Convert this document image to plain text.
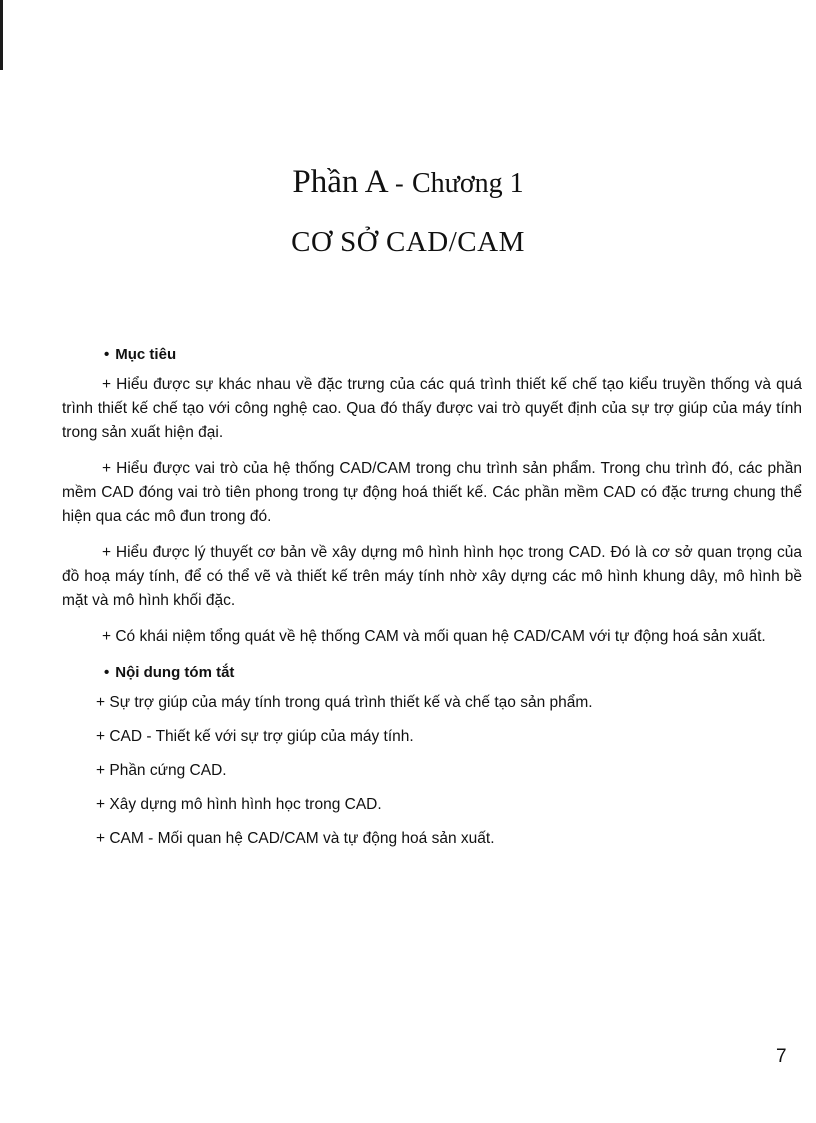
Phần A - Chương 1
CƠ SỞ CAD/CAM
• Mục tiêu

+ Hiểu được sự khác nhau về đặc trưng của các quá trình thiết kế chế tạo kiểu truyền thống và quá trình thiết kế chế tạo với công nghệ cao. Qua đó thấy được vai trò quyết định của sự trợ giúp của máy tính trong sản xuất hiện đại.

+ Hiểu được vai trò của hệ thống CAD/CAM trong chu trình sản phẩm. Trong chu trình đó, các phần mềm CAD đóng vai trò tiên phong trong tự động hoá thiết kế. Các phần mềm CAD có đặc trưng chung thể hiện qua các mô đun trong đó.

+ Hiểu được lý thuyết cơ bản về xây dựng mô hình hình học trong CAD. Đó là cơ sở quan trọng của đồ hoạ máy tính, để có thể vẽ và thiết kế trên máy tính nhờ xây dựng các mô hình khung dây, mô hình bề mặt và mô hình khối đặc.

+ Có khái niệm tổng quát về hệ thống CAM và mối quan hệ CAD/CAM với tự động hoá sản xuất.

• Nội dung tóm tắt
+ Sự trợ giúp của máy tính trong quá trình thiết kế và chế tạo sản phẩm.
+ CAD - Thiết kế với sự trợ giúp của máy tính.
+ Phần cứng CAD.
+ Xây dựng mô hình hình học trong CAD.
+ CAM - Mối quan hệ CAD/CAM và tự động hoá sản xuất.
7
